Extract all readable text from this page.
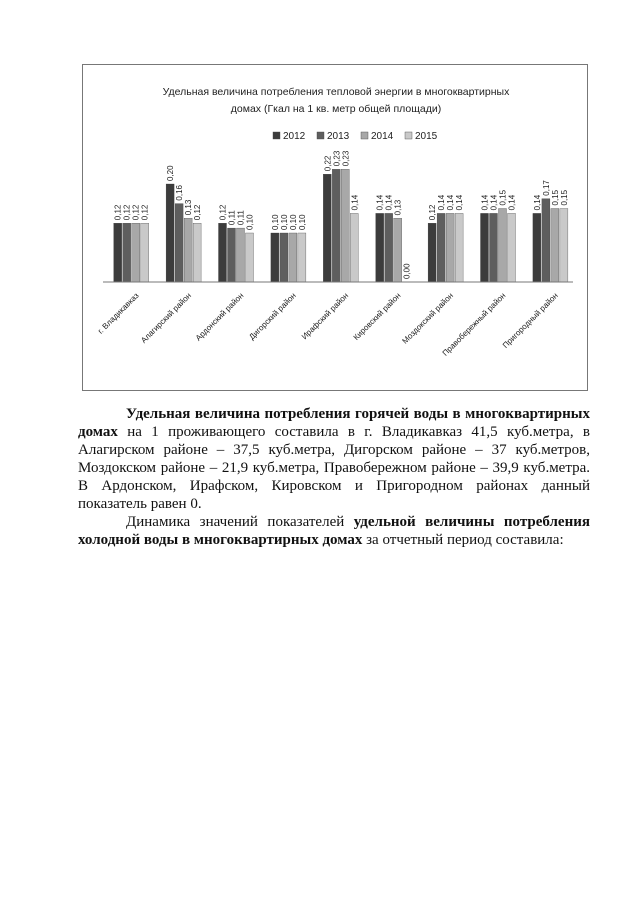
Удельная величина потребления тепловой энергии в многоквартирных
домах (Гкал на 1 кв. метр общей площади)
2012 2013 2014 2015
0,12 0,12 0,12 0,12
0,20
0,16
0,13 0,12 0,12 0,11 0,11 0,10 0,10 0,10 0,10 0,10
0,22 0,23 0,23
0,14 0,14 0,14 0,13
0,00
0,12
0,14 0,14 0,14 0,14 0,14 0,15 0,14 0,14
0,17
0,15 0,15
г. Владикавказ
Алагирский район Ардонский район Дигорский район Ирафский район Кировский район
Моздокский район
Правобережный район
Пригородный район

Удельная величина потребления горячей воды в многоквартирных домах на 1 проживающего составила в г. Владикавказ 41,5 куб.метра, в Алагирском районе – 37,5 куб.метра, Дигорском районе – 37 куб.метров, Моздокском районе – 21,9 куб.метра, Правобережном районе – 39,9 куб.метра. В Ардонском, Ирафском, Кировском и Пригородном районах данный показатель равен 0.

Динамика значений показателей удельной величины потребления холодной воды в многоквартирных домах за отчетный период составила:
